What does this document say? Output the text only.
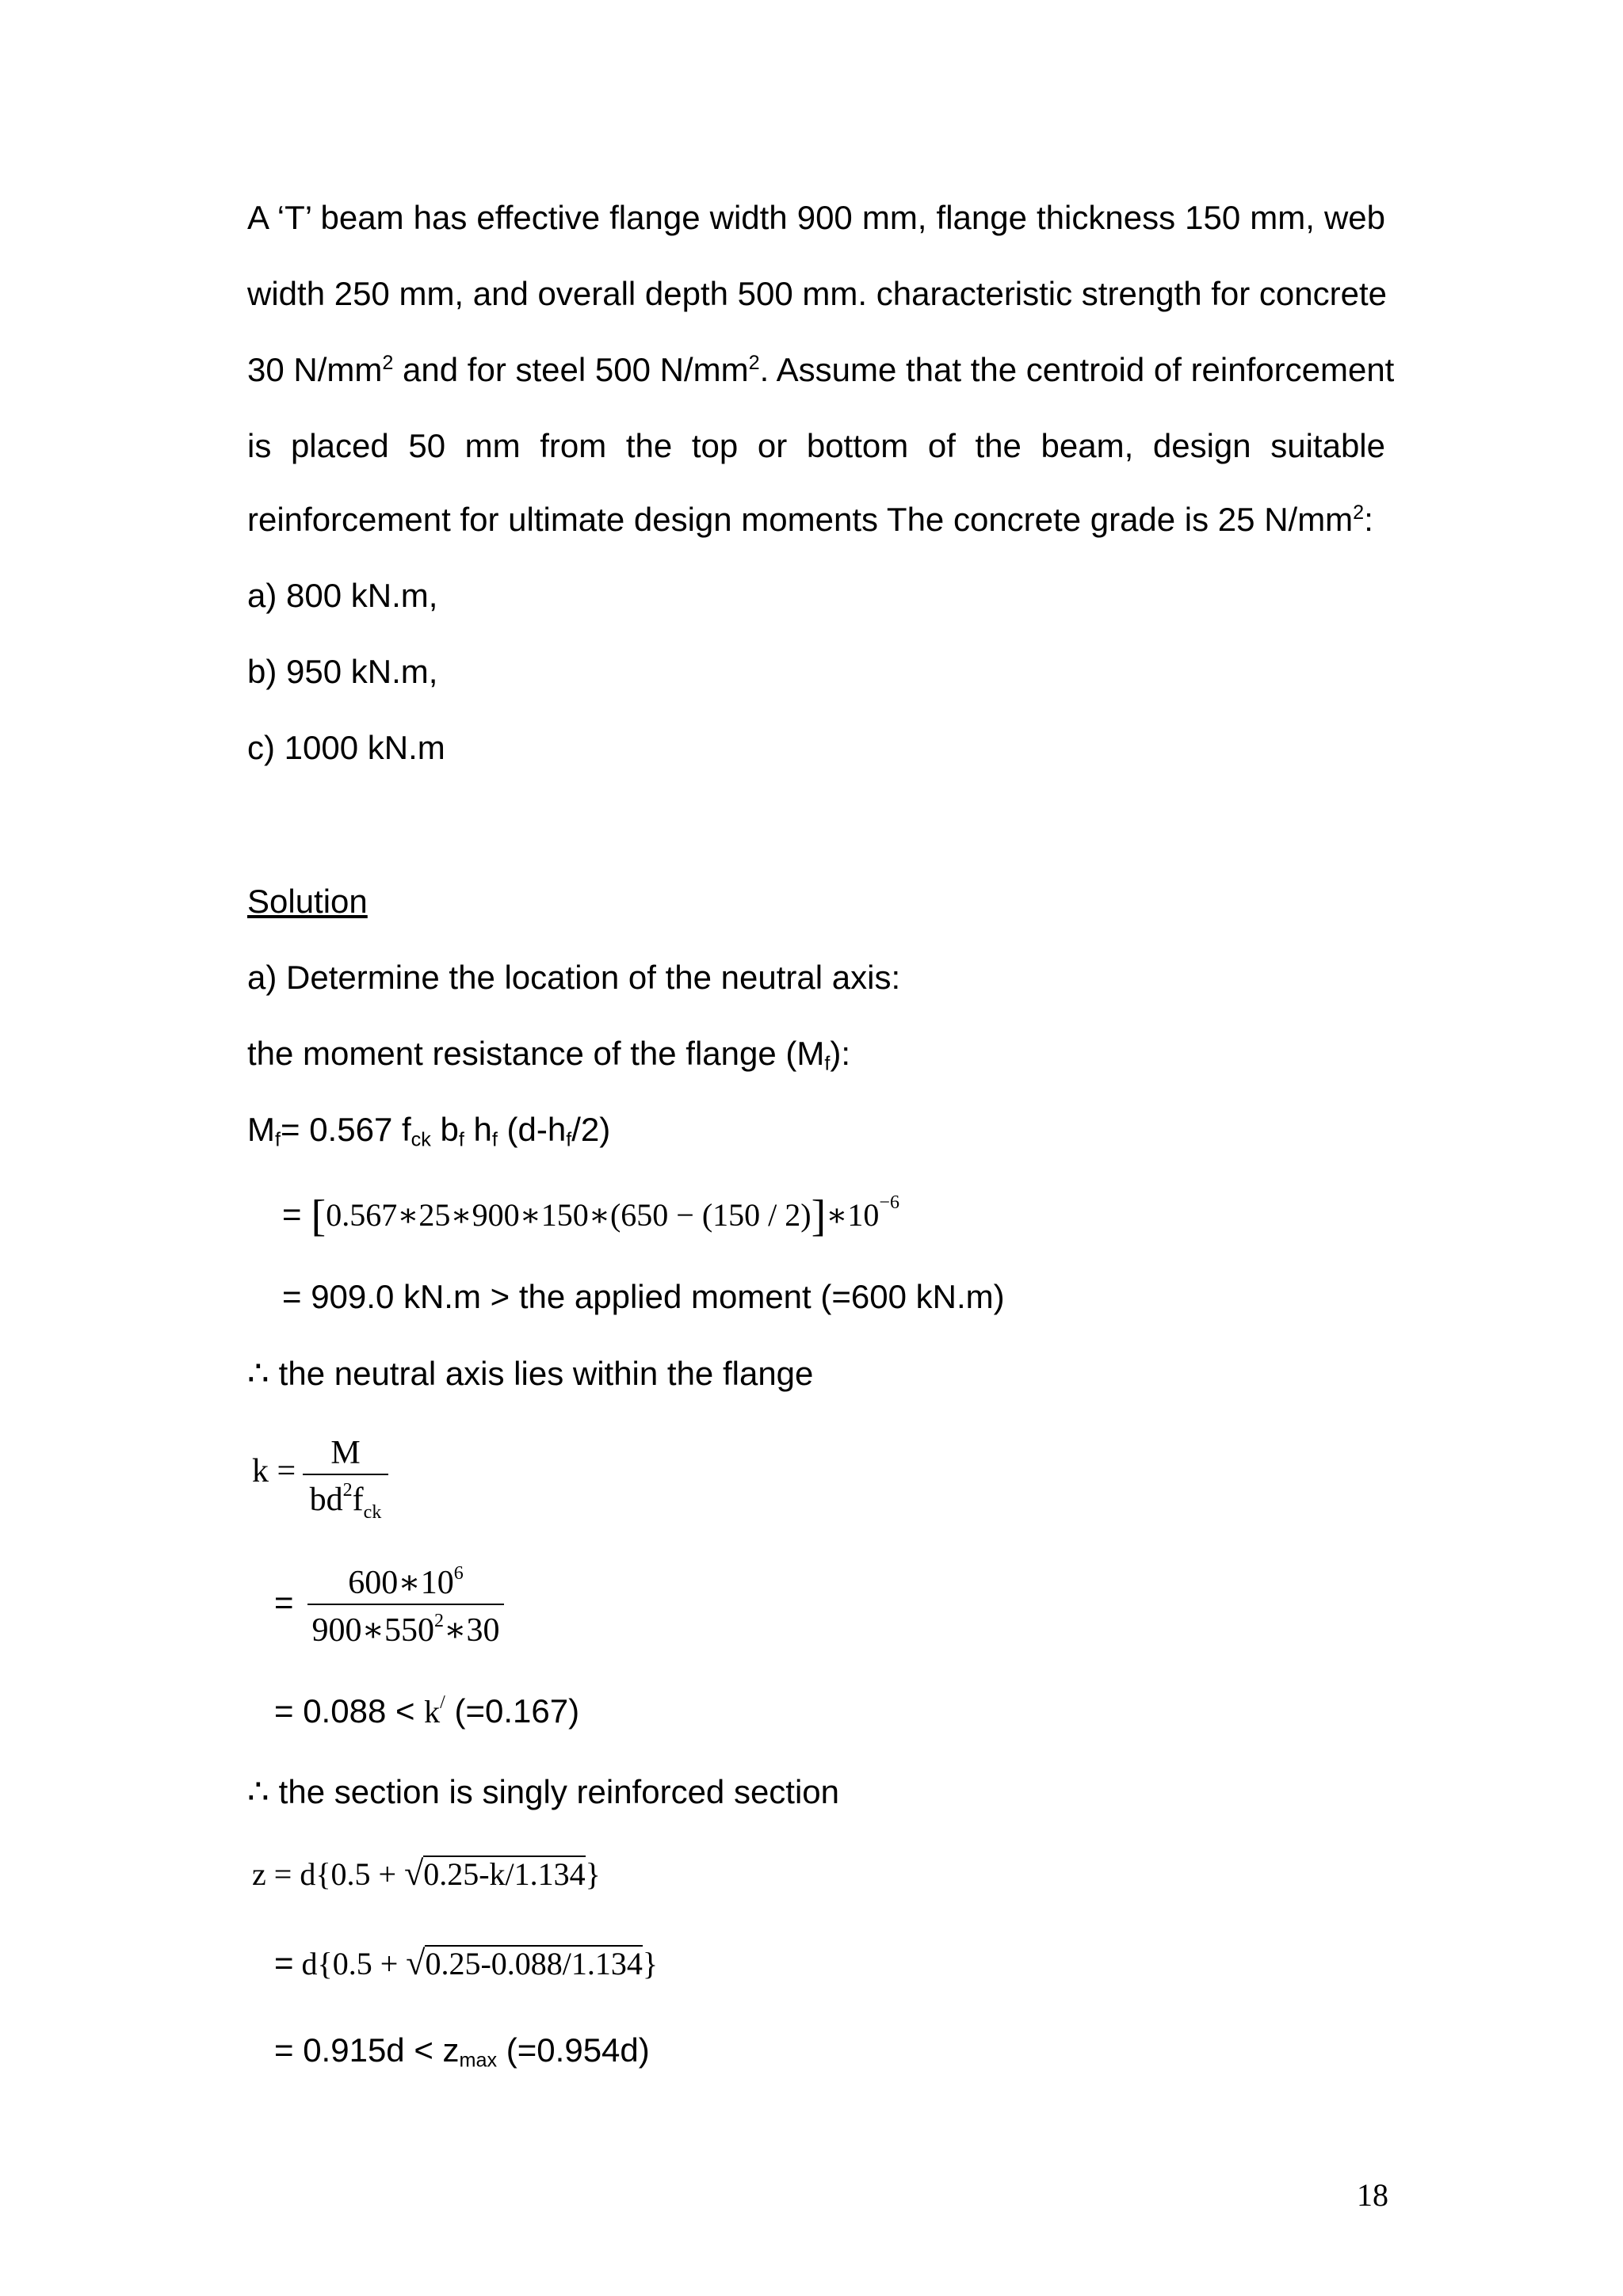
A ‘T’ beam has effective flange width 900 mm, flange thickness 150 mm, web
width 250 mm, and overall depth 500 mm. characteristic strength for concrete
30 $N/mm^2$ and for steel 500 $N/mm^2$. Assume that the centroid of reinforcement
is placed 50 mm from the top or bottom of the beam, design suitable
reinforcement for ultimate design moments The concrete grade is 25 $N/mm^2$:
a) 800 kN.m,
b) 950 kN.m,
c) 1000 kN.m
Solution
a) Determine the location of the neutral axis:
the moment resistance of the flange $(M_f)$:
$M_f= 0.567$ $f_{ck}$ $b_f$ $h_f$ $(d-h_f/2)$
= [0.567∗25∗900∗150∗(650 − $(150 / 2)]∗10^{-6}$
= 909.0 kN.m > the applied moment (=600 kN.m)
∴ the neutral axis lies within the flange
k =	M
$bd^2f_{ck}$
=
$600∗10^6$
$900∗550^2∗30$
= 0.088 < k/ (=0.167)
∴ the section is singly reinforced section
z = d{0.5 + √0.25-k/1.134}
= d{0.5 + √0.25-0.088/1.134}
= $0.915d < z_{max}$ (=0.954d)
18
